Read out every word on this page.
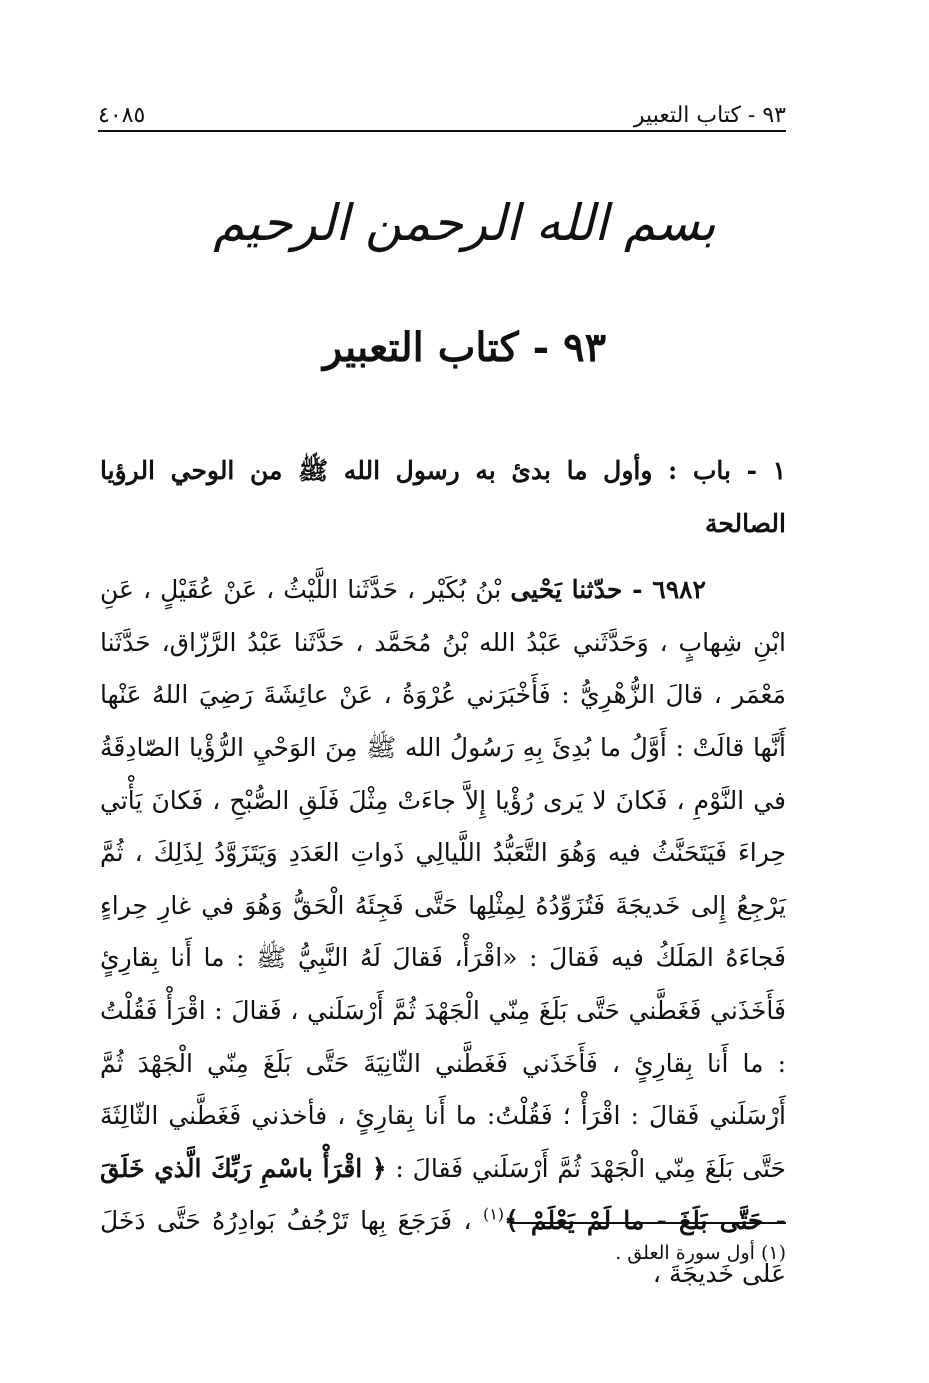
٩٣ - كتاب التعبير
٤٠٨٥
بسم الله الرحمن الرحيم
٩٣ - كتاب التعبير
١ - باب : وأول ما بدئ به رسول الله ﷺ من الوحي الرؤيا الصالحة
٦٩٨٢ - حدّثنا يَحْيى بْنُ بُكَيْر ، حَدَّثَنا اللَّيْثُ ، عَنْ عُقَيْلٍ ، عَنِ ابْنِ شِهابٍ ، وَحَدَّثَني عَبْدُ الله بْنُ مُحَمَّد ، حَدَّثَنا عَبْدُ الرَّزّاق، حَدَّثَنا مَعْمَر ، قالَ الزُّهْرِيُّ : فَأَخْبَرَني عُرْوَةُ ، عَنْ عائِشَةَ رَضِيَ اللهُ عَنْها أَنَّها قالَتْ : أَوَّلُ ما بُدِئَ بِهِ رَسُولُ الله ﷺ مِنَ الوَحْيِ الرُّؤْيا الصّادِقَةُ في النَّوْمِ ، فَكانَ لا يَرى رُؤْيا إِلاَّ جاءَتْ مِثْلَ فَلَقِ الصُّبْحِ ، فَكانَ يَأْتي حِراءَ فَيَتَحَنَّثُ فيه وَهُوَ التَّعَبُّدُ اللَّيالِي ذَواتِ العَدَدِ وَيَتَزَوَّدُ لِذَلِكَ ، ثُمَّ يَرْجِعُ إِلى خَديجَةَ فَتُزَوِّدُهُ لِمِثْلِها حَتَّى فَجِئَهُ الْحَقُّ وَهُوَ في غارِ حِراءٍ فَجاءَهُ المَلَكُ فيه فَقالَ : «اقْرَأْ، فَقالَ لَهُ النَّبِيُّ ﷺ : ما أَنا بِقارِئٍ فَأَخَذَني فَغَطَّني حَتَّى بَلَغَ مِنّي الْجَهْدَ ثُمَّ أَرْسَلَني ، فَقالَ : اقْرَأْ فَقُلْتُ : ما أَنا بِقارِئٍ ، فَأَخَذَني فَغَطَّني الثّانِيَةَ حَتَّى بَلَغَ مِنّي الْجَهْدَ ثُمَّ أَرْسَلَني فَقالَ : اقْرَأْ ؛ فَقُلْتُ: ما أَنا بِقارِئٍ ، فأخذني فَغَطَّني الثّالِثَةَ حَتَّى بَلَغَ مِنّي الْجَهْدَ ثُمَّ أَرْسَلَني فَقالَ : ﴿ اقْرَأْ باسْمِ رَبِّكَ الَّذي خَلَقَ - حَتَّى بَلَغَ - ما لَمْ يَعْلَمْ ﴾$^{(١)}$ ، فَرَجَعَ بِها تَرْجُفُ بَوادِرُهُ حَتَّى دَخَلَ عَلى خَديجَةَ ،
(١) أول سورة العلق .
